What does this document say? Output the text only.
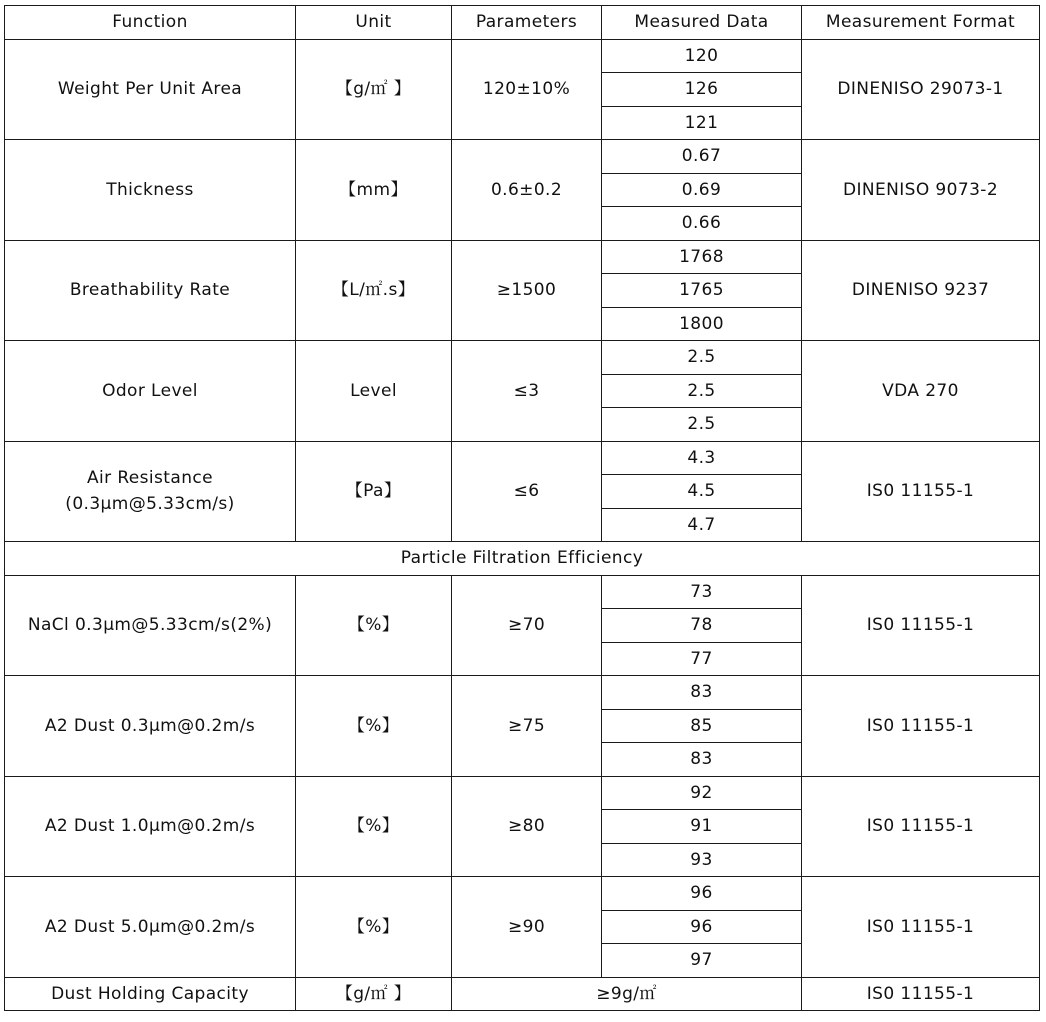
Function	Unit	Parameters	Measured Data	Measurement Format
Weight Per Unit Area	【g/㎡ 】	120±10%	120	DINENISO 29073-1
			126	
			121	
Thickness	【mm】	0.6±0.2	0.67	DINENISO 9073-2
			0.69	
			0.66	
Breathability Rate	【L/㎡.s】	≥1500	1768	DINENISO 9237
			1765	
			1800	
Odor Level	Level	≤3	2.5	VDA 270
			2.5	
			2.5	
Air Resistance
(0.3μm@5.33cm/s)	【Pa】	≤6	4.3	IS0 11155-1
			4.5	
			4.7	
Particle Filtration Efficiency				
NaCl 0.3μm@5.33cm/s(2%)	【%】	≥70	73	IS0 11155-1
			78	
			77	
A2 Dust 0.3μm@0.2m/s	【%】	≥75	83	IS0 11155-1
			85	
			83	
A2 Dust 1.0μm@0.2m/s	【%】	≥80	92	IS0 11155-1
			91	
			93	
A2 Dust 5.0μm@0.2m/s	【%】	≥90	96	IS0 11155-1
			96	
			97	
Dust Holding Capacity	【g/㎡ 】	≥9g/㎡		IS0 11155-1
